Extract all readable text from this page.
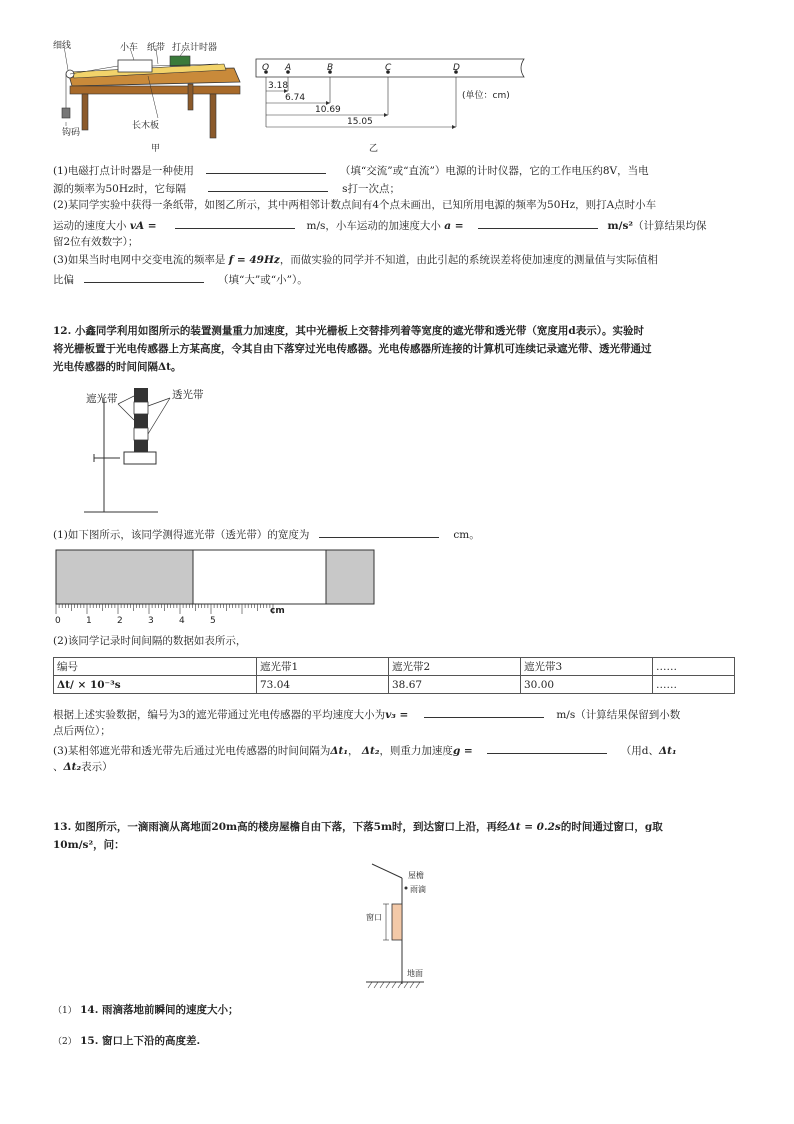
细线	小车 纸带 打点计时器
钩码
长木板
甲
O A	B	C	D
3.18
6.74
10.69
15.05
(单位：cm)
乙
(1)电磁打点计时器是一种使用	（填“交流”或“直流”）电源的计时仪器，它的工作电压约8V，当电
源的频率为50Hz时，它每隔	s打一次点；
(2)某同学实验中获得一条纸带，如图乙所示，其中两相邻计数点间有4个点未画出，已知所用电源的频率为50Hz，则打A点时小车
运动的速度大小 vA =	m/s，小车运动的加速度大小 a =	m/s²（计算结果均保
留2位有效数字）；
(3)如果当时电网中交变电流的频率是 f = 49Hz，而做实验的同学并不知道，由此引起的系统误差将使加速度的测量值与实际值相
比偏	（填“大”或“小”）。
12. 小鑫同学利用如图所示的装置测量重力加速度，其中光栅板上交替排列着等宽度的遮光带和透光带（宽度用d表示）。实验时
将光栅板置于光电传感器上方某高度，令其自由下落穿过光电传感器。光电传感器所连接的计算机可连续记录遮光带、透光带通过
光电传感器的时间间隔Δt。
遮光带	透光带
(1)如下图所示，该同学测得遮光带（透光带）的宽度为	cm。
0	1	2	3	4	5
cm
(2)该同学记录时间间隔的数据如表所示，
编号	遮光带1	遮光带2	遮光带3	……
Δt/ × 10⁻³s	73.04	38.67	30.00	……
根据上述实验数据，编号为3的遮光带通过光电传感器的平均速度大小为v₃ =	m/s（计算结果保留到小数
点后两位）；
(3)某相邻遮光带和透光带先后通过光电传感器的时间间隔为Δt₁， Δt₂，则重力加速度g =	（用d、Δt₁
、Δt₂表示）
13. 如图所示，一滴雨滴从离地面20m高的楼房屋檐自由下落，下落5m时，到达窗口上沿，再经Δt = 0.2s的时间通过窗口，g取
10m/s²，问：
屋檐
雨滴
窗口
地面
（1） 14. 雨滴落地前瞬间的速度大小；
（2） 15. 窗口上下沿的高度差.
